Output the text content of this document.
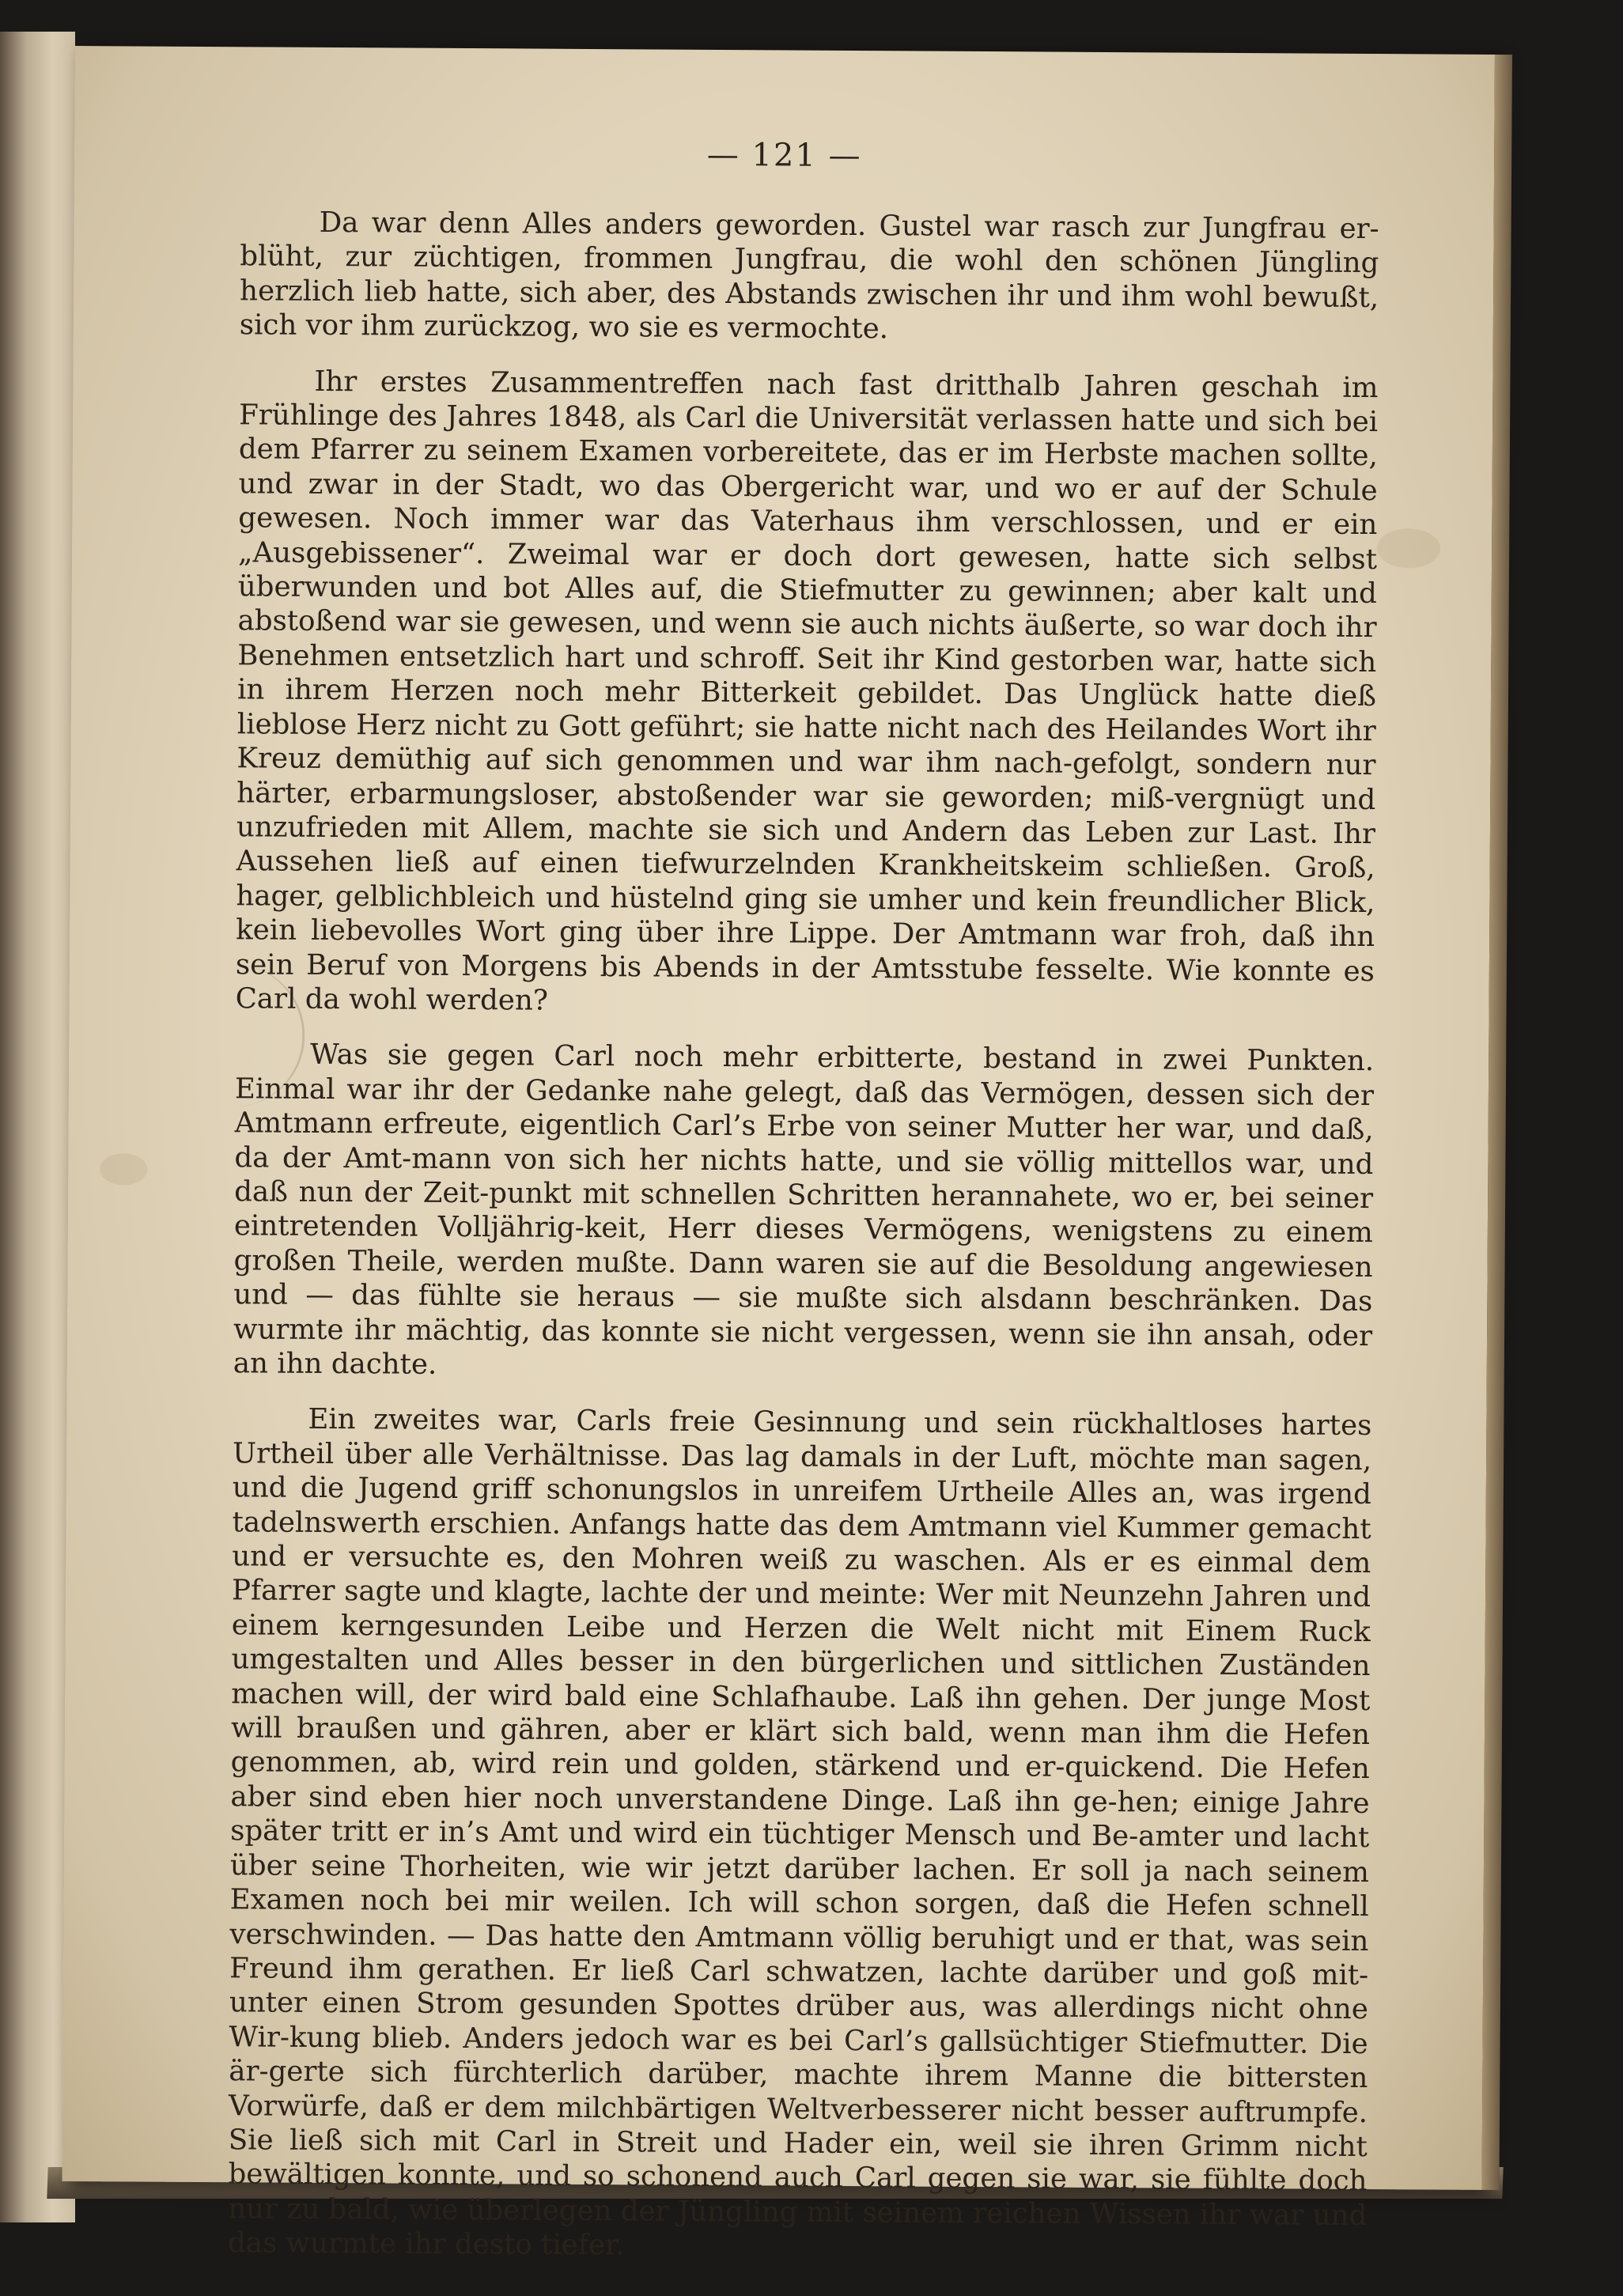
— 121 —

Da war denn Alles anders geworden. Gustel war rasch zur Jungfrau er-blüht, zur züchtigen, frommen Jungfrau, die wohl den schönen Jüngling herzlich lieb hatte, sich aber, des Abstands zwischen ihr und ihm wohl bewußt, sich vor ihm zurückzog, wo sie es vermochte.

Ihr erstes Zusammentreffen nach fast dritthalb Jahren geschah im Frühlinge des Jahres 1848, als Carl die Universität verlassen hatte und sich bei dem Pfarrer zu seinem Examen vorbereitete, das er im Herbste machen sollte, und zwar in der Stadt, wo das Obergericht war, und wo er auf der Schule gewesen. Noch immer war das Vaterhaus ihm verschlossen, und er ein „Ausgebissener“. Zweimal war er doch dort gewesen, hatte sich selbst überwunden und bot Alles auf, die Stiefmutter zu gewinnen; aber kalt und abstoßend war sie gewesen, und wenn sie auch nichts äußerte, so war doch ihr Benehmen entsetzlich hart und schroff. Seit ihr Kind gestorben war, hatte sich in ihrem Herzen noch mehr Bitterkeit gebildet. Das Unglück hatte dieß lieblose Herz nicht zu Gott geführt; sie hatte nicht nach des Heilandes Wort ihr Kreuz demüthig auf sich genommen und war ihm nach-gefolgt, sondern nur härter, erbarmungsloser, abstoßender war sie geworden; miß-vergnügt und unzufrieden mit Allem, machte sie sich und Andern das Leben zur Last. Ihr Aussehen ließ auf einen tiefwurzelnden Krankheitskeim schließen. Groß, hager, gelblichbleich und hüstelnd ging sie umher und kein freundlicher Blick, kein liebevolles Wort ging über ihre Lippe. Der Amtmann war froh, daß ihn sein Beruf von Morgens bis Abends in der Amtsstube fesselte. Wie konnte es Carl da wohl werden?

Was sie gegen Carl noch mehr erbitterte, bestand in zwei Punkten. Einmal war ihr der Gedanke nahe gelegt, daß das Vermögen, dessen sich der Amtmann erfreute, eigentlich Carl’s Erbe von seiner Mutter her war, und daß, da der Amt-mann von sich her nichts hatte, und sie völlig mittellos war, und daß nun der Zeit-punkt mit schnellen Schritten herannahete, wo er, bei seiner eintretenden Volljährig-keit, Herr dieses Vermögens, wenigstens zu einem großen Theile, werden mußte. Dann waren sie auf die Besoldung angewiesen und — das fühlte sie heraus — sie mußte sich alsdann beschränken. Das wurmte ihr mächtig, das konnte sie nicht vergessen, wenn sie ihn ansah, oder an ihn dachte.

Ein zweites war, Carls freie Gesinnung und sein rückhaltloses hartes Urtheil über alle Verhältnisse. Das lag damals in der Luft, möchte man sagen, und die Jugend griff schonungslos in unreifem Urtheile Alles an, was irgend tadelnswerth erschien. Anfangs hatte das dem Amtmann viel Kummer gemacht und er versuchte es, den Mohren weiß zu waschen. Als er es einmal dem Pfarrer sagte und klagte, lachte der und meinte: Wer mit Neunzehn Jahren und einem kerngesunden Leibe und Herzen die Welt nicht mit Einem Ruck umgestalten und Alles besser in den bürgerlichen und sittlichen Zuständen machen will, der wird bald eine Schlafhaube. Laß ihn gehen. Der junge Most will braußen und gähren, aber er klärt sich bald, wenn man ihm die Hefen genommen, ab, wird rein und golden, stärkend und er-quickend. Die Hefen aber sind eben hier noch unverstandene Dinge. Laß ihn ge-hen; einige Jahre später tritt er in’s Amt und wird ein tüchtiger Mensch und Be-amter und lacht über seine Thorheiten, wie wir jetzt darüber lachen. Er soll ja nach seinem Examen noch bei mir weilen. Ich will schon sorgen, daß die Hefen schnell verschwinden. — Das hatte den Amtmann völlig beruhigt und er that, was sein Freund ihm gerathen. Er ließ Carl schwatzen, lachte darüber und goß mit-unter einen Strom gesunden Spottes drüber aus, was allerdings nicht ohne Wir-kung blieb. Anders jedoch war es bei Carl’s gallsüchtiger Stiefmutter. Die är-gerte sich fürchterlich darüber, machte ihrem Manne die bittersten Vorwürfe, daß er dem milchbärtigen Weltverbesserer nicht besser auftrumpfe. Sie ließ sich mit Carl in Streit und Hader ein, weil sie ihren Grimm nicht bewältigen konnte, und so schonend auch Carl gegen sie war, sie fühlte doch nur zu bald, wie überlegen der Jüngling mit seinem reichen Wissen ihr war und das wurmte ihr desto tiefer.
